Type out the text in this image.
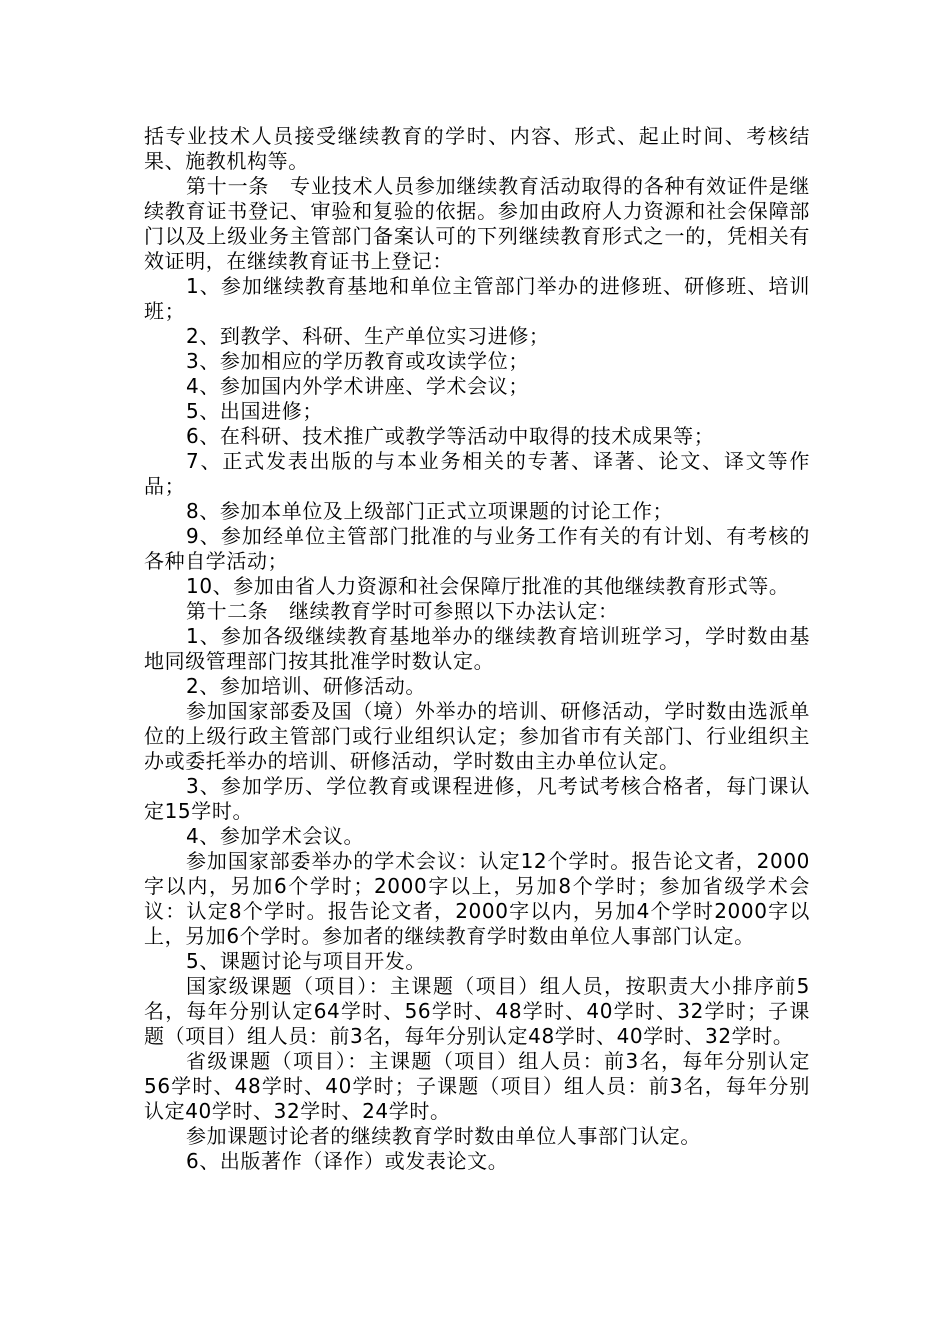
括专业技术人员接受继续教育的学时、内容、形式、起止时间、考核结果、施教机构等。

第十一条　专业技术人员参加继续教育活动取得的各种有效证件是继续教育证书登记、审验和复验的依据。参加由政府人力资源和社会保障部门以及上级业务主管部门备案认可的下列继续教育形式之一的，凭相关有效证明，在继续教育证书上登记：

1、参加继续教育基地和单位主管部门举办的进修班、研修班、培训班；

2、到教学、科研、生产单位实习进修；

3、参加相应的学历教育或攻读学位；

4、参加国内外学术讲座、学术会议；

5、出国进修；

6、在科研、技术推广或教学等活动中取得的技术成果等；

7、正式发表出版的与本业务相关的专著、译著、论文、译文等作品；

8、参加本单位及上级部门正式立项课题的讨论工作；

9、参加经单位主管部门批准的与业务工作有关的有计划、有考核的各种自学活动；

10、参加由省人力资源和社会保障厅批准的其他继续教育形式等。

第十二条　继续教育学时可参照以下办法认定：

1、参加各级继续教育基地举办的继续教育培训班学习，学时数由基地同级管理部门按其批准学时数认定。

2、参加培训、研修活动。

参加国家部委及国（境）外举办的培训、研修活动，学时数由选派单位的上级行政主管部门或行业组织认定；参加省市有关部门、行业组织主办或委托举办的培训、研修活动，学时数由主办单位认定。

3、参加学历、学位教育或课程进修，凡考试考核合格者，每门课认定15学时。

4、参加学术会议。

参加国家部委举办的学术会议：认定12个学时。报告论文者，2000字以内，另加6个学时；2000字以上，另加8个学时；参加省级学术会议：认定8个学时。报告论文者，2000字以内，另加4个学时2000字以上，另加6个学时。参加者的继续教育学时数由单位人事部门认定。

5、课题讨论与项目开发。

国家级课题（项目）：主课题（项目）组人员，按职责大小排序前5名，每年分别认定64学时、56学时、48学时、40学时、32学时；子课题（项目）组人员：前3名，每年分别认定48学时、40学时、32学时。

省级课题（项目）：主课题（项目）组人员：前3名，每年分别认定56学时、48学时、40学时；子课题（项目）组人员：前3名，每年分别认定40学时、32学时、24学时。

参加课题讨论者的继续教育学时数由单位人事部门认定。

6、出版著作（译作）或发表论文。
